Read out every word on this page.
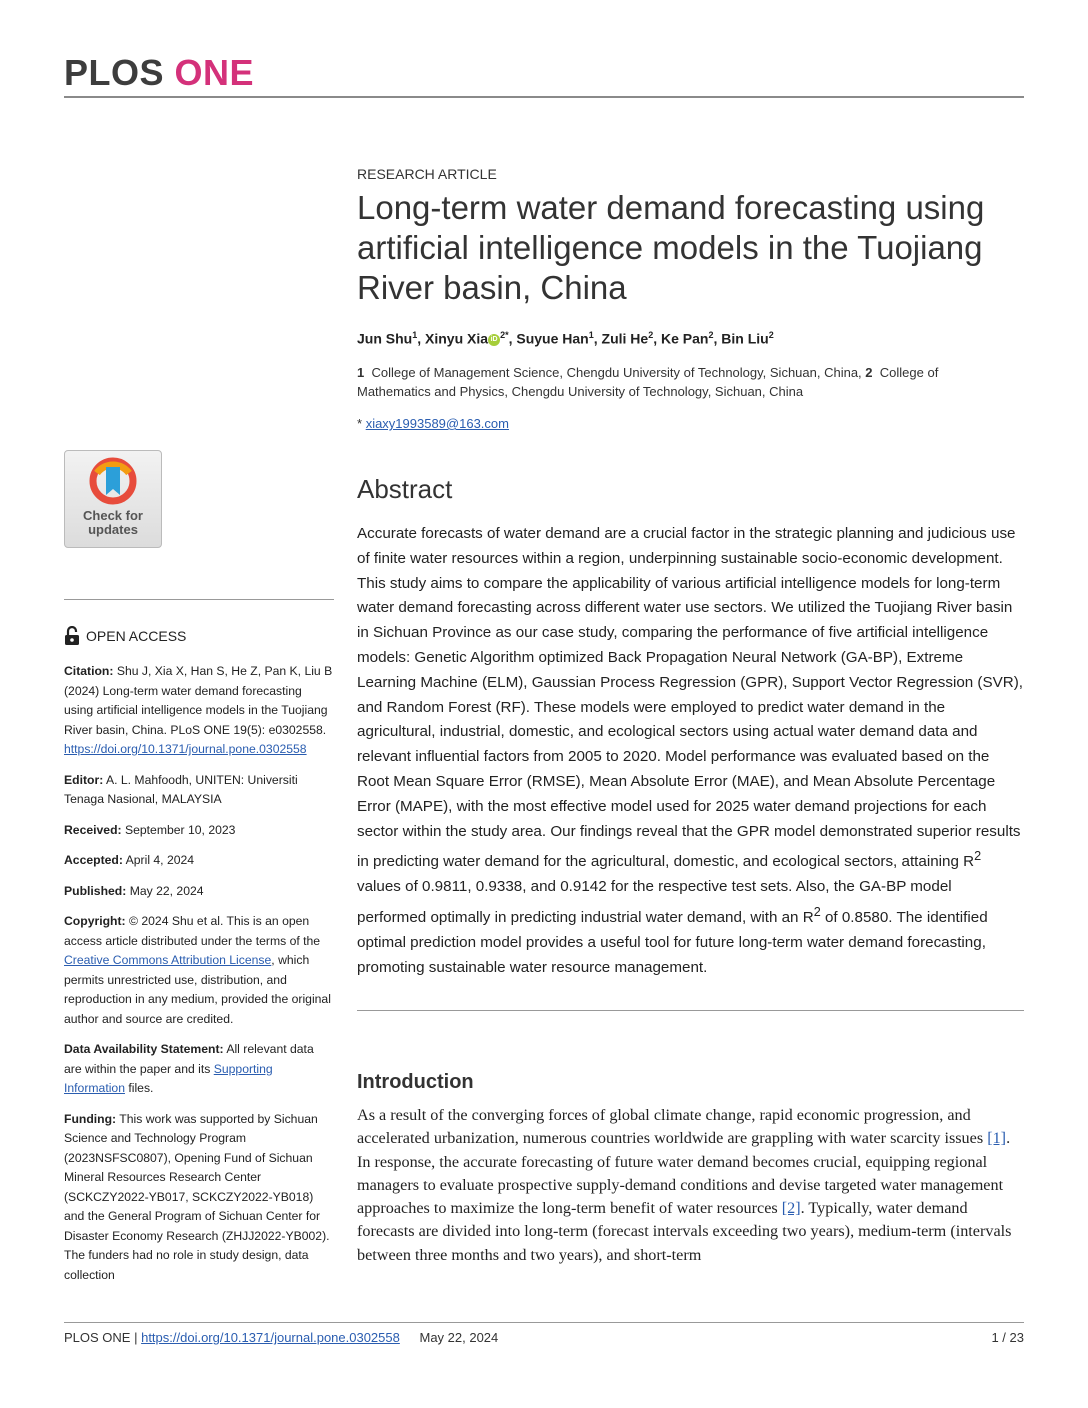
PLOS ONE
RESEARCH ARTICLE
Long-term water demand forecasting using artificial intelligence models in the Tuojiang River basin, China
Jun Shu$^1$, Xinyu Xia iD $^{2*}$, Suyue Han$^1$, Zuli He$^2$, Ke Pan$^2$, Bin Liu$^2$
1 College of Management Science, Chengdu University of Technology, Sichuan, China, 2 College of Mathematics and Physics, Chengdu University of Technology, Sichuan, China
* xiaxy1993589@163.com
Check for
updates
OPEN ACCESS

Citation: Shu J, Xia X, Han S, He Z, Pan K, Liu B (2024) Long-term water demand forecasting using artificial intelligence models in the Tuojiang River basin, China. PLoS ONE 19(5): e0302558. https://doi.org/10.1371/journal.pone.0302558

Editor: A. L. Mahfoodh, UNITEN: Universiti Tenaga Nasional, MALAYSIA

Received: September 10, 2023

Accepted: April 4, 2024

Published: May 22, 2024

Copyright: © 2024 Shu et al. This is an open access article distributed under the terms of the Creative Commons Attribution License, which permits unrestricted use, distribution, and reproduction in any medium, provided the original author and source are credited.

Data Availability Statement: All relevant data are within the paper and its Supporting Information files.

Funding: This work was supported by Sichuan Science and Technology Program (2023NSFSC0807), Opening Fund of Sichuan Mineral Resources Research Center (SCKCZY2022-YB017, SCKCZY2022-YB018) and the General Program of Sichuan Center for Disaster Economy Research (ZHJJ2022-YB002). The funders had no role in study design, data collection

Abstract

Accurate forecasts of water demand are a crucial factor in the strategic planning and judicious use of finite water resources within a region, underpinning sustainable socio-economic development. This study aims to compare the applicability of various artificial intelligence models for long-term water demand forecasting across different water use sectors. We utilized the Tuojiang River basin in Sichuan Province as our case study, comparing the performance of five artificial intelligence models: Genetic Algorithm optimized Back Propagation Neural Network (GA-BP), Extreme Learning Machine (ELM), Gaussian Process Regression (GPR), Support Vector Regression (SVR), and Random Forest (RF). These models were employed to predict water demand in the agricultural, industrial, domestic, and ecological sectors using actual water demand data and relevant influential factors from 2005 to 2020. Model performance was evaluated based on the Root Mean Square Error (RMSE), Mean Absolute Error (MAE), and Mean Absolute Percentage Error (MAPE), with the most effective model used for 2025 water demand projections for each sector within the study area. Our findings reveal that the GPR model demonstrated superior results in predicting water demand for the agricultural, domestic, and ecological sectors, attaining $R^2$ values of 0.9811, 0.9338, and 0.9142 for the respective test sets. Also, the GA-BP model performed optimally in predicting industrial water demand, with an $R^2$ of 0.8580. The identified optimal prediction model provides a useful tool for future long-term water demand forecasting, promoting sustainable water resource management.

Introduction

As a result of the converging forces of global climate change, rapid economic progression, and accelerated urbanization, numerous countries worldwide are grappling with water scarcity issues [1]. In response, the accurate forecasting of future water demand becomes crucial, equipping regional managers to evaluate prospective supply-demand conditions and devise targeted water management approaches to maximize the long-term benefit of water resources [2]. Typically, water demand forecasts are divided into long-term (forecast intervals exceeding two years), medium-term (intervals between three months and two years), and short-term

PLOS ONE | https://doi.org/10.1371/journal.pone.0302558 May 22, 2024	1 / 23
